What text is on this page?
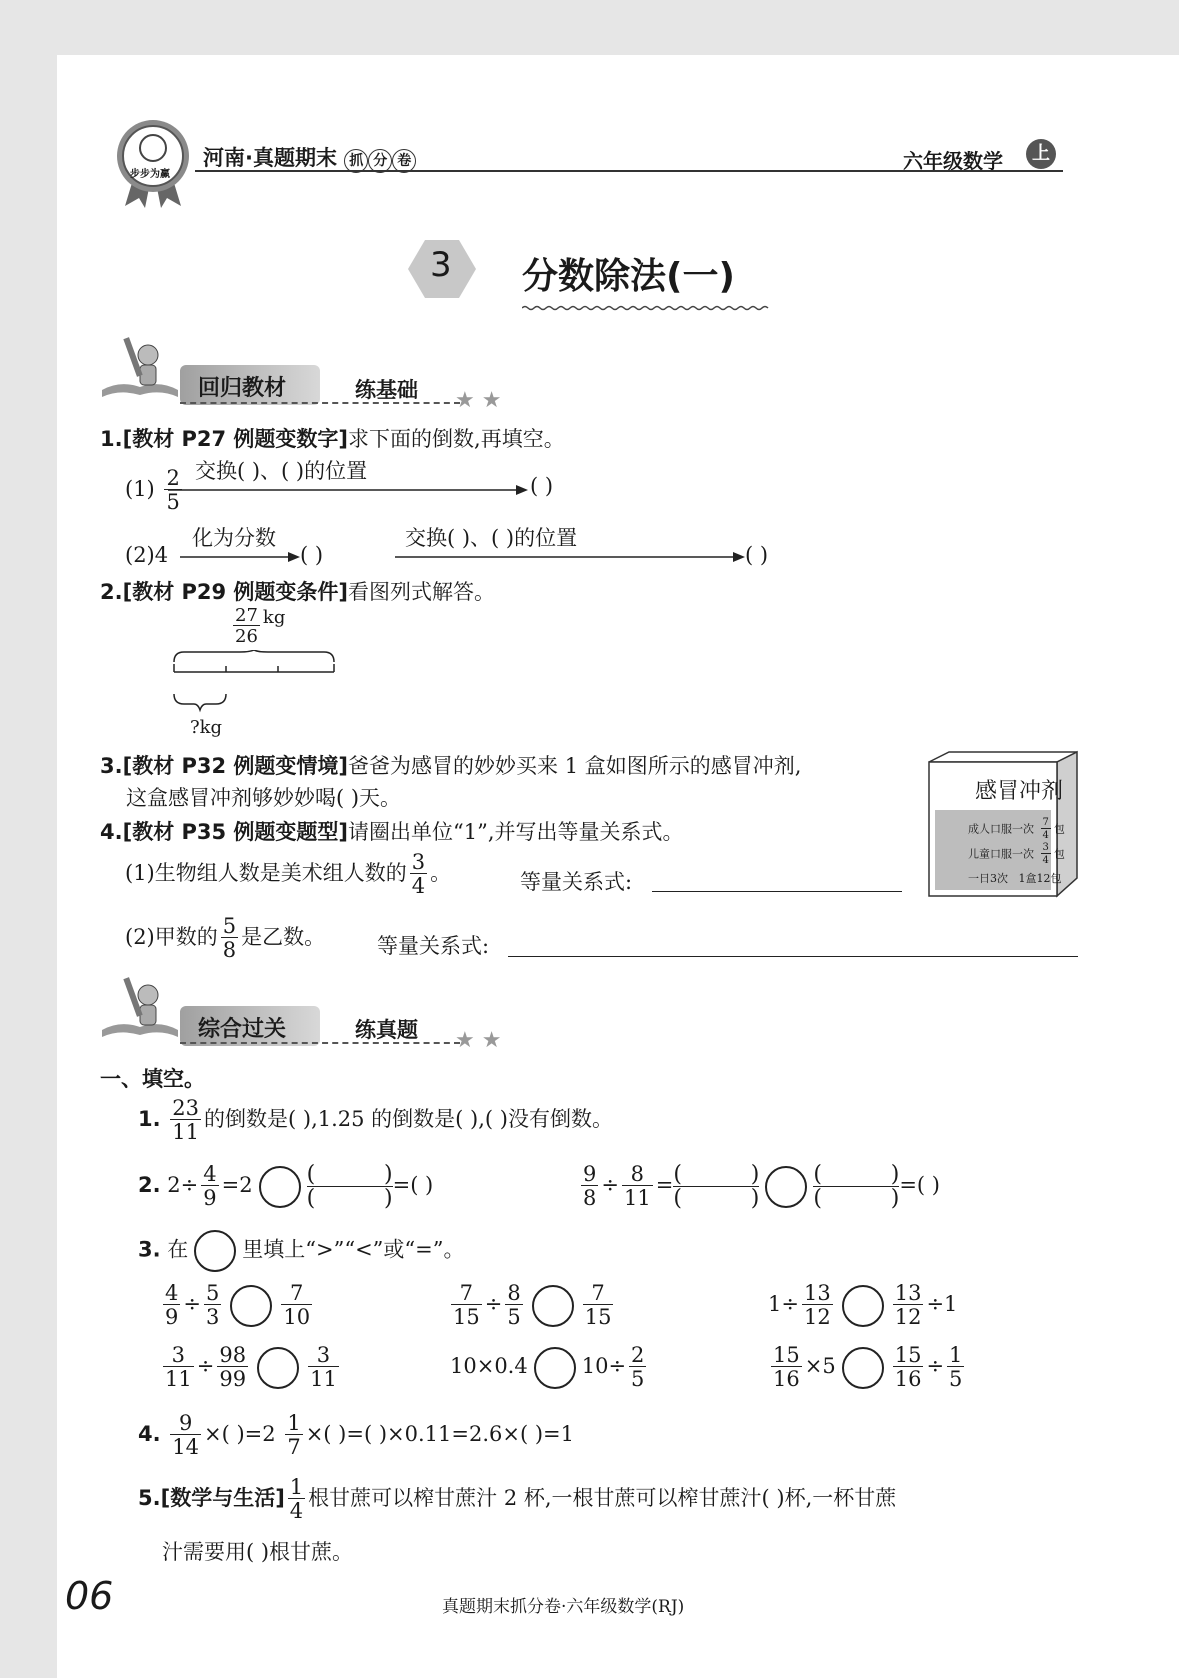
步步为赢
河南·真题期末 抓 分 卷	六年级数学	上
3 分数除法(一)
回归教材	练基础 ★ ★
1.[教材 P27 例题变数字]求下面的倒数,再填空。
$(1) \frac{2}{5}$ 交换( )、( )的位置
( )
(2)4
化为分数
( )
交换( )、( )的位置
( )
2.[教材 P29 例题变条件]看图列式解答。
$\frac{27}{26}$ kg
?kg
3.[教材 P32 例题变情境]爸爸为感冒的妙妙买来 1 盒如图所示的感冒冲剂,
这盒感冒冲剂够妙妙喝( )天。	感冒冲剂
成人口服一次 $\frac{7}{4}$ 包
儿童口服一次 $\frac{3}{4}$ 包
一日3次 1盒12包
4.[教材 P35 例题变题型]请圈出单位“1”,并写出等量关系式。
(1)生物组人数是美术组人数的 $\frac{3}{4}$ 。	等量关系式:
(2)甲数的 $\frac{5}{8}$ 是乙数。 等量关系式:
综合过关	练真题 ★ ★
一、填空。
1. $\frac{23}{11}$ 的倒数是( ),1.25 的倒数是( ),( )没有倒数。
2. $2\div \frac{4}{9} =2$ (	)
(	)
=( )	$\frac{9}{8} \div \frac{8}{11}$ = (	)
(	)
(	)
(	)
=( )
3. 在	里填上“>”“<”或“=”。
$\frac{4}{9} \div \frac{5}{3}$	$\frac{7}{10}$	$\frac{7}{15} \div \frac{8}{5}$	$\frac{7}{15}$	$1\div \frac{13}{12}$	$\frac{13}{12} \div 1$
$\frac{3}{11} \div \frac{98}{99}$	$\frac{3}{11}$	10×0.4	$10\div \frac{2}{5}$	$\frac{15}{16} \times 5$	$\frac{15}{16} \div \frac{1}{5}$
4. $\frac{9}{14}$ ×( )$=2 \frac{1}{7}$ ×( )=( )×0.11=2.6×( )=1
5.[数学与生活] $\frac{1}{4}$ 根甘蔗可以榨甘蔗汁 2 杯,一根甘蔗可以榨甘蔗汁( )杯,一杯甘蔗
汁需要用( )根甘蔗。
06	真题期末抓分卷·六年级数学(RJ)
